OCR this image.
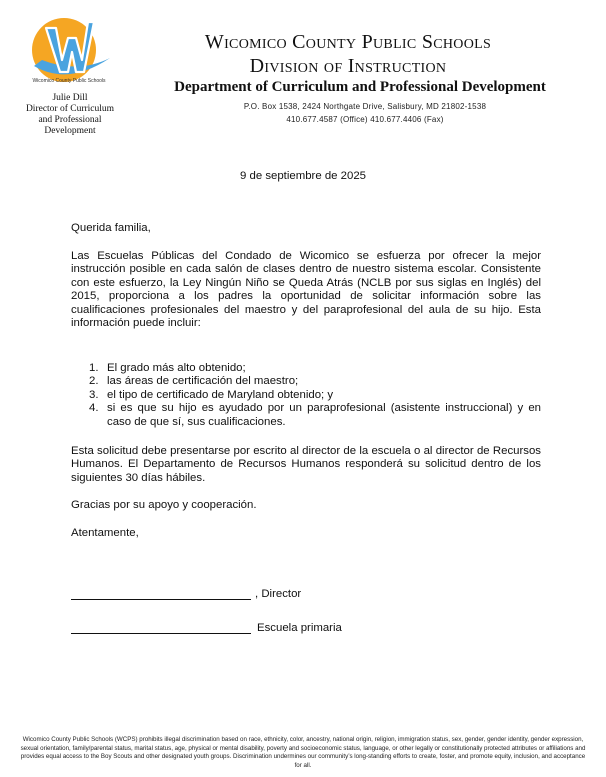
Wicomico County Public Schools
Julie Dill
Director of Curriculum
and Professional
Development
Wicomico County Public Schools
Division of Instruction
Department of Curriculum and Professional Development
P.O. Box 1538, 2424 Northgate Drive, Salisbury, MD 21802-1538
410.677.4587 (Office) 410.677.4406 (Fax)
9 de septiembre de 2025
Querida familia,
Las Escuelas Públicas del Condado de Wicomico se esfuerza por ofrecer la mejor instrucción posible en cada salón de clases dentro de nuestro sistema escolar. Consistente con este esfuerzo, la Ley Ningún Niño se Queda Atrás (NCLB por sus siglas en Inglés) del 2015, proporciona a los padres la oportunidad de solicitar información sobre las cualificaciones profesionales del maestro y del paraprofesional del aula de su hijo. Esta información puede incluir:
1. El grado más alto obtenido;
2. las áreas de certificación del maestro;
3. el tipo de certificado de Maryland obtenido; y
4. si es que su hijo es ayudado por un paraprofesional (asistente instruccional) y en caso de que sí, sus cualificaciones.
Esta solicitud debe presentarse por escrito al director de la escuela o al director de Recursos Humanos. El Departamento de Recursos Humanos responderá su solicitud dentro de los siguientes 30 días hábiles.
Gracias por su apoyo y cooperación.
Atentamente,
, Director
Escuela primaria
Wicomico County Public Schools (WCPS) prohibits illegal discrimination based on race, ethnicity, color, ancestry, national origin, religion, immigration status, sex, gender, gender identity, gender expression, sexual orientation, family/parental status, marital status, age, physical or mental disability, poverty and socioeconomic status, language, or other legally or constitutionally protected attributes or affiliations and provides equal access to the Boy Scouts and other designated youth groups. Discrimination undermines our community’s long-standing efforts to create, foster, and promote equity, inclusion, and acceptance for all.
